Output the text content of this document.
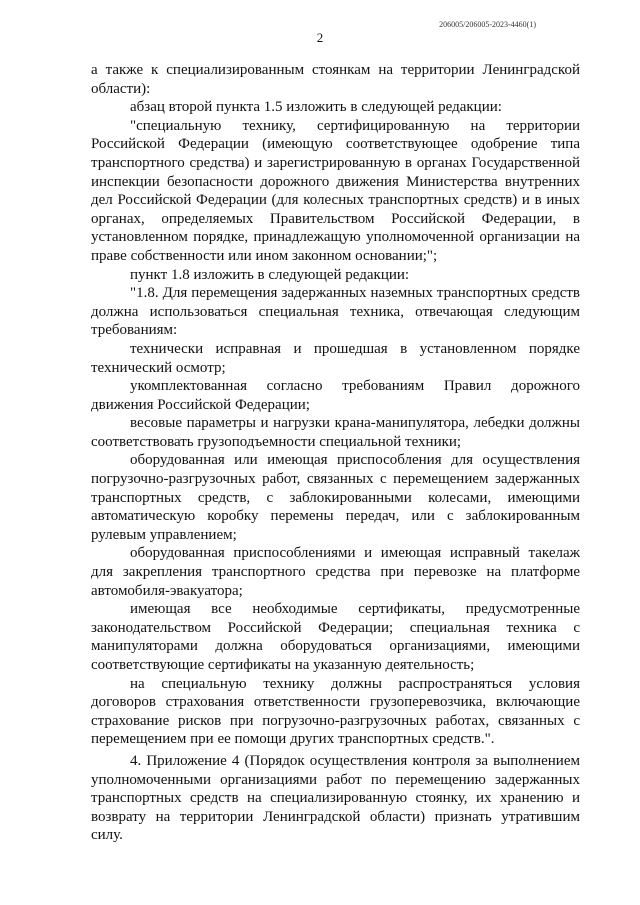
206005/206005-2023-4460(1)
2

а также к специализированным стоянкам на территории Ленинградской области):

абзац второй пункта 1.5 изложить в следующей редакции:

"специальную технику, сертифицированную на территории Российской Федерации (имеющую соответствующее одобрение типа транспортного средства) и зарегистрированную в органах Государственной инспекции безопасности дорожного движения Министерства внутренних дел Российской Федерации (для колесных транспортных средств) и в иных органах, определяемых Правительством Российской Федерации, в установленном порядке, принадлежащую уполномоченной организации на праве собственности или ином законном основании;";

пункт 1.8 изложить в следующей редакции:

"1.8. Для перемещения задержанных наземных транспортных средств должна использоваться специальная техника, отвечающая следующим требованиям:

технически исправная и прошедшая в установленном порядке технический осмотр;

укомплектованная согласно требованиям Правил дорожного движения Российской Федерации;

весовые параметры и нагрузки крана-манипулятора, лебедки должны соответствовать грузоподъемности специальной техники;

оборудованная или имеющая приспособления для осуществления погрузочно-разгрузочных работ, связанных с перемещением задержанных транспортных средств, с заблокированными колесами, имеющими автоматическую коробку перемены передач, или с заблокированным рулевым управлением;

оборудованная приспособлениями и имеющая исправный такелаж для закрепления транспортного средства при перевозке на платформе автомобиля-эвакуатора;

имеющая все необходимые сертификаты, предусмотренные законодательством Российской Федерации; специальная техника с манипуляторами должна оборудоваться организациями, имеющими соответствующие сертификаты на указанную деятельность;

на специальную технику должны распространяться условия договоров страхования ответственности грузоперевозчика, включающие страхование рисков при погрузочно-разгрузочных работах, связанных с перемещением при ее помощи других транспортных средств.".

4. Приложение 4 (Порядок осуществления контроля за выполнением уполномоченными организациями работ по перемещению задержанных транспортных средств на специализированную стоянку, их хранению и возврату на территории Ленинградской области) признать утратившим силу.
